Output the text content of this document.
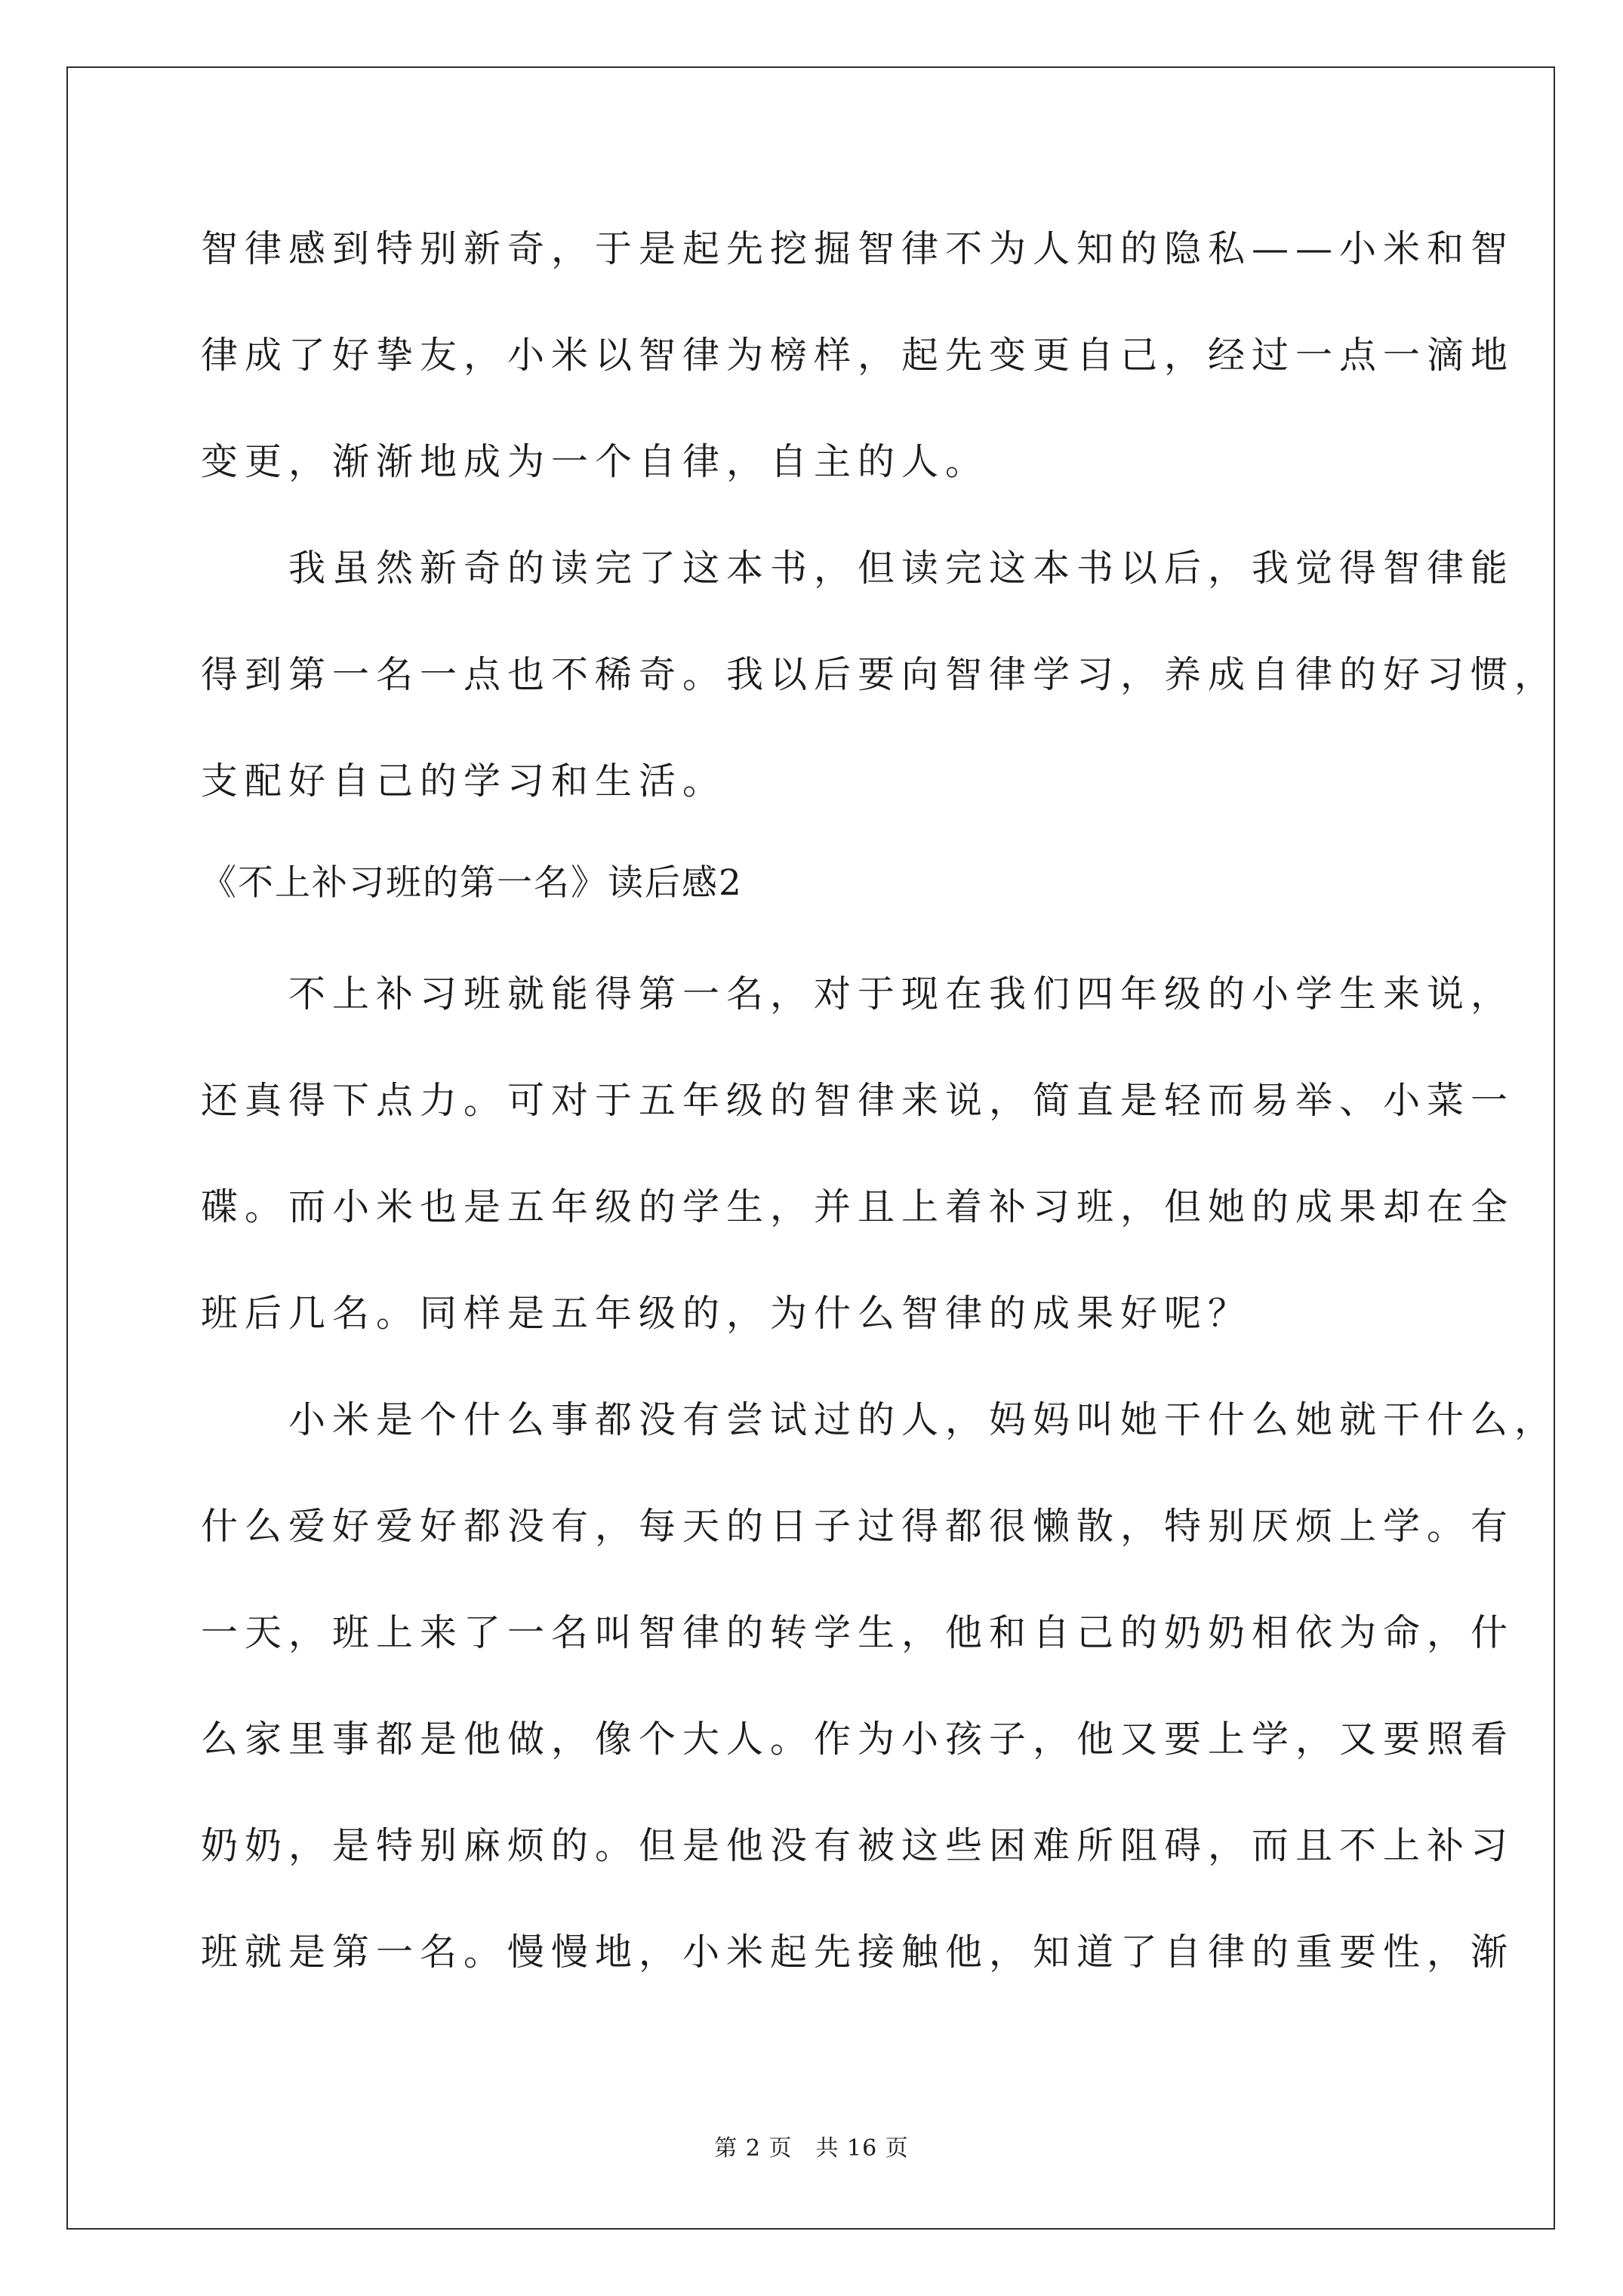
智律感到特别新奇，于是起先挖掘智律不为人知的隐私——小米和智
律成了好挚友，小米以智律为榜样，起先变更自己，经过一点一滴地
变更，渐渐地成为一个自律，自主的人。
　　我虽然新奇的读完了这本书，但读完这本书以后，我觉得智律能
得到第一名一点也不稀奇。我以后要向智律学习，养成自律的好习惯，
支配好自己的学习和生活。
《不上补习班的第一名》读后感2
　　不上补习班就能得第一名，对于现在我们四年级的小学生来说，
还真得下点力。可对于五年级的智律来说，简直是轻而易举、小菜一
碟。而小米也是五年级的学生，并且上着补习班，但她的成果却在全
班后几名。同样是五年级的，为什么智律的成果好呢？
　　小米是个什么事都没有尝试过的人，妈妈叫她干什么她就干什么，
什么爱好爱好都没有，每天的日子过得都很懒散，特别厌烦上学。有
一天，班上来了一名叫智律的转学生，他和自己的奶奶相依为命，什
么家里事都是他做，像个大人。作为小孩子，他又要上学，又要照看
奶奶，是特别麻烦的。但是他没有被这些困难所阻碍，而且不上补习
班就是第一名。慢慢地，小米起先接触他，知道了自律的重要性，渐
第 2 页　共 16 页
